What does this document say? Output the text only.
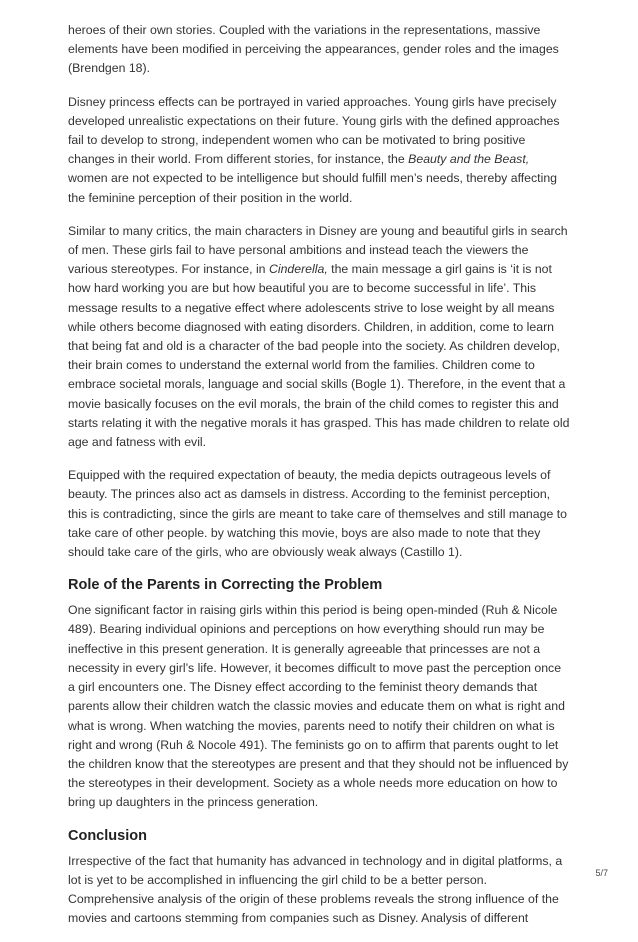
heroes of their own stories. Coupled with the variations in the representations, massive elements have been modified in perceiving the appearances, gender roles and the images (Brendgen 18).

Disney princess effects can be portrayed in varied approaches. Young girls have precisely developed unrealistic expectations on their future. Young girls with the defined approaches fail to develop to strong, independent women who can be motivated to bring positive changes in their world. From different stories, for instance, the Beauty and the Beast, women are not expected to be intelligence but should fulfill men’s needs, thereby affecting the feminine perception of their position in the world.

Similar to many critics, the main characters in Disney are young and beautiful girls in search of men. These girls fail to have personal ambitions and instead teach the viewers the various stereotypes. For instance, in Cinderella, the main message a girl gains is ‘it is not how hard working you are but how beautiful you are to become successful in life’. This message results to a negative effect where adolescents strive to lose weight by all means while others become diagnosed with eating disorders. Children, in addition, come to learn that being fat and old is a character of the bad people into the society. As children develop, their brain comes to understand the external world from the families. Children come to embrace societal morals, language and social skills (Bogle 1). Therefore, in the event that a movie basically focuses on the evil morals, the brain of the child comes to register this and starts relating it with the negative morals it has grasped. This has made children to relate old age and fatness with evil.

Equipped with the required expectation of beauty, the media depicts outrageous levels of beauty. The princes also act as damsels in distress. According to the feminist perception, this is contradicting, since the girls are meant to take care of themselves and still manage to take care of other people. by watching this movie, boys are also made to note that they should take care of the girls, who are obviously weak always (Castillo 1).

Role of the Parents in Correcting the Problem

One significant factor in raising girls within this period is being open-minded (Ruh & Nicole 489). Bearing individual opinions and perceptions on how everything should run may be ineffective in this present generation. It is generally agreeable that princesses are not a necessity in every girl’s life. However, it becomes difficult to move past the perception once a girl encounters one. The Disney effect according to the feminist theory demands that parents allow their children watch the classic movies and educate them on what is right and what is wrong. When watching the movies, parents need to notify their children on what is right and wrong (Ruh & Nocole 491). The feminists go on to affirm that parents ought to let the children know that the stereotypes are present and that they should not be influenced by the stereotypes in their development. Society as a whole needs more education on how to bring up daughters in the princess generation.

Conclusion

Irrespective of the fact that humanity has advanced in technology and in digital platforms, a lot is yet to be accomplished in influencing the girl child to be a better person. Comprehensive analysis of the origin of these problems reveals the strong influence of the movies and cartoons stemming from companies such as Disney. Analysis of different

5/7
